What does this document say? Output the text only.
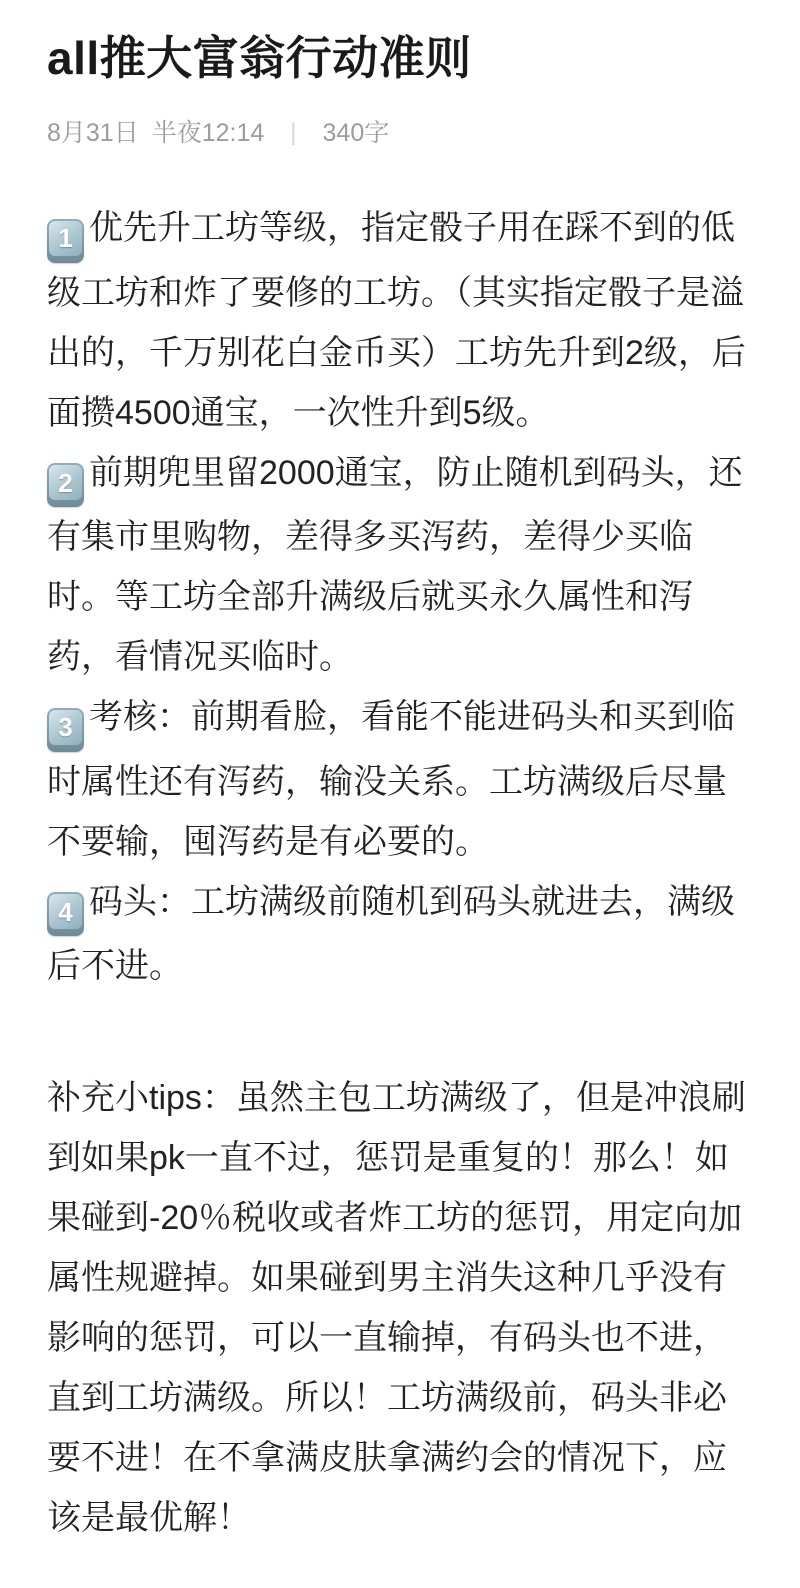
all推大富翁行动准则
8月31日 半夜12:14 | 340字

1 优先升工坊等级，指定骰子用在踩不到的低级工坊和炸了要修的工坊。（其实指定骰子是溢出的，千万别花白金币买）工坊先升到2级，后面攒4500通宝，一次性升到5级。

2 前期兜里留2000通宝，防止随机到码头，还有集市里购物，差得多买泻药，差得少买临时。等工坊全部升满级后就买永久属性和泻药，看情况买临时。

3 考核：前期看脸，看能不能进码头和买到临时属性还有泻药，输没关系。工坊满级后尽量不要输，囤泻药是有必要的。

4 码头：工坊满级前随机到码头就进去，满级后不进。

补充小tips：虽然主包工坊满级了，但是冲浪刷到如果pk一直不过，惩罚是重复的！那么！如果碰到-20％税收或者炸工坊的惩罚，用定向加属性规避掉。如果碰到男主消失这种几乎没有影响的惩罚，可以一直输掉，有码头也不进，直到工坊满级。所以！工坊满级前，码头非必要不进！在不拿满皮肤拿满约会的情况下，应该是最优解！
